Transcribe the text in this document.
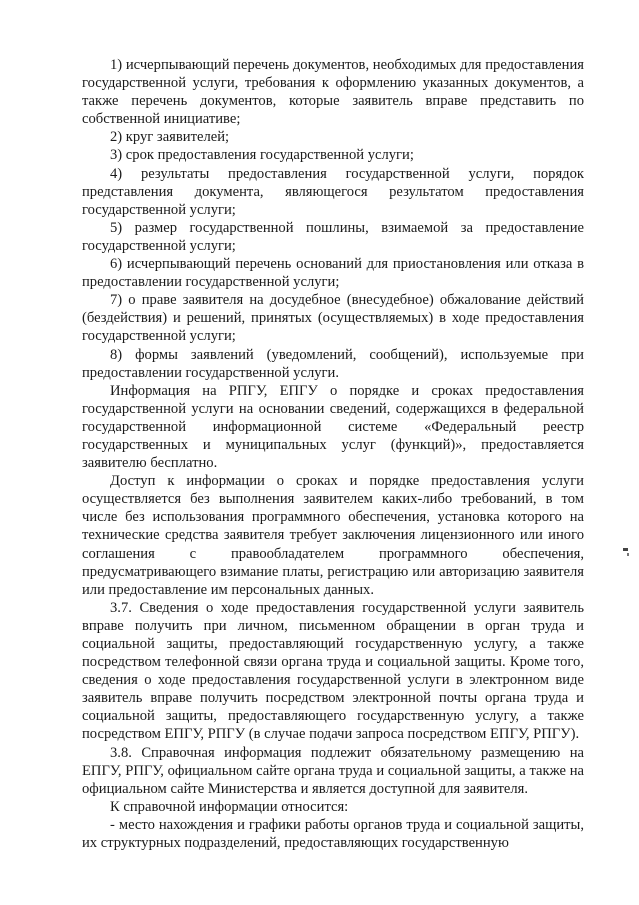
1) исчерпывающий перечень документов, необходимых для предоставления государственной услуги, требования к оформлению указанных документов, а также перечень документов, которые заявитель вправе представить по собственной инициативе;

2) круг заявителей;

3) срок предоставления государственной услуги;

4) результаты предоставления государственной услуги, порядок представления документа, являющегося результатом предоставления государственной услуги;

5) размер государственной пошлины, взимаемой за предоставление государственной услуги;

6) исчерпывающий перечень оснований для приостановления или отказа в предоставлении государственной услуги;

7) о праве заявителя на досудебное (внесудебное) обжалование действий (бездействия) и решений, принятых (осуществляемых) в ходе предоставления государственной услуги;

8) формы заявлений (уведомлений, сообщений), используемые при предоставлении государственной услуги.

Информация на РПГУ, ЕПГУ о порядке и сроках предоставления государственной услуги на основании сведений, содержащихся в федеральной государственной информационной системе «Федеральный реестр государственных и муниципальных услуг (функций)», предоставляется заявителю бесплатно.

Доступ к информации о сроках и порядке предоставления услуги осуществляется без выполнения заявителем каких-либо требований, в том числе без использования программного обеспечения, установка которого на технические средства заявителя требует заключения лицензионного или иного соглашения с правообладателем программного обеспечения, предусматривающего взимание платы, регистрацию или авторизацию заявителя или предоставление им персональных данных.

3.7. Сведения о ходе предоставления государственной услуги заявитель вправе получить при личном, письменном обращении в орган труда и социальной защиты, предоставляющий государственную услугу, а также посредством телефонной связи органа труда и социальной защиты. Кроме того, сведения о ходе предоставления государственной услуги в электронном виде заявитель вправе получить посредством электронной почты органа труда и социальной защиты, предоставляющего государственную услугу, а также посредством ЕПГУ, РПГУ (в случае подачи запроса посредством ЕПГУ, РПГУ).

3.8. Справочная информация подлежит обязательному размещению на ЕПГУ, РПГУ, официальном сайте органа труда и социальной защиты, а также на официальном сайте Министерства и является доступной для заявителя.

К справочной информации относится:

- место нахождения и графики работы органов труда и социальной защиты, их структурных подразделений, предоставляющих государственную
